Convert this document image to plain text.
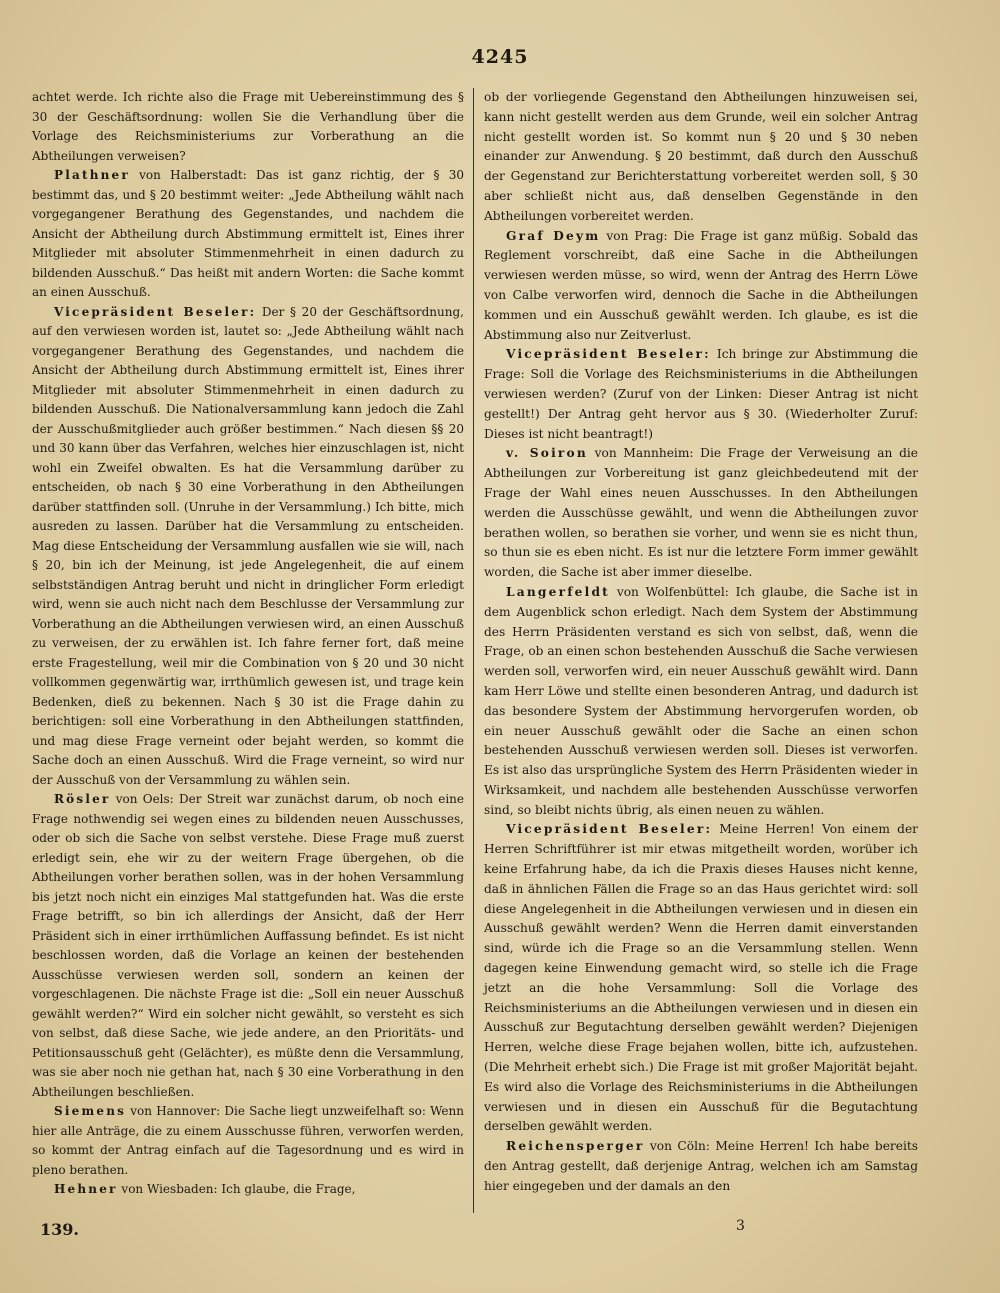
4245

achtet werde. Ich richte also die Frage mit Uebereinstimmung des § 30 der Geschäftsordnung: wollen Sie die Verhandlung über die Vorlage des Reichsministeriums zur Vorberathung an die Abtheilungen verweisen?

Plathner von Halberstadt: Das ist ganz richtig, der § 30 bestimmt das, und § 20 bestimmt weiter: „Jede Abtheilung wählt nach vorgegangener Berathung des Gegenstandes, und nachdem die Ansicht der Abtheilung durch Abstimmung ermittelt ist, Eines ihrer Mitglieder mit absoluter Stimmenmehrheit in einen dadurch zu bildenden Ausschuß.“ Das heißt mit andern Worten: die Sache kommt an einen Ausschuß.

Vicepräsident Beseler: Der § 20 der Geschäftsordnung, auf den verwiesen worden ist, lautet so: „Jede Abtheilung wählt nach vorgegangener Berathung des Gegenstandes, und nachdem die Ansicht der Abtheilung durch Abstimmung ermittelt ist, Eines ihrer Mitglieder mit absoluter Stimmenmehrheit in einen dadurch zu bildenden Ausschuß. Die Nationalversammlung kann jedoch die Zahl der Ausschußmitglieder auch größer bestimmen.“ Nach diesen §§ 20 und 30 kann über das Verfahren, welches hier einzuschlagen ist, nicht wohl ein Zweifel obwalten. Es hat die Versammlung darüber zu entscheiden, ob nach § 30 eine Vorberathung in den Abtheilungen darüber stattfinden soll. (Unruhe in der Versammlung.) Ich bitte, mich ausreden zu lassen. Darüber hat die Versammlung zu entscheiden. Mag diese Entscheidung der Versammlung ausfallen wie sie will, nach § 20, bin ich der Meinung, ist jede Angelegenheit, die auf einem selbstständigen Antrag beruht und nicht in dringlicher Form erledigt wird, wenn sie auch nicht nach dem Beschlusse der Versammlung zur Vorberathung an die Abtheilungen verwiesen wird, an einen Ausschuß zu verweisen, der zu erwählen ist. Ich fahre ferner fort, daß meine erste Fragestellung, weil mir die Combination von § 20 und 30 nicht vollkommen gegenwärtig war, irrthümlich gewesen ist, und trage kein Bedenken, dieß zu bekennen. Nach § 30 ist die Frage dahin zu berichtigen: soll eine Vorberathung in den Abtheilungen stattfinden, und mag diese Frage verneint oder bejaht werden, so kommt die Sache doch an einen Ausschuß. Wird die Frage verneint, so wird nur der Ausschuß von der Versammlung zu wählen sein.

Rösler von Oels: Der Streit war zunächst darum, ob noch eine Frage nothwendig sei wegen eines zu bildenden neuen Ausschusses, oder ob sich die Sache von selbst verstehe. Diese Frage muß zuerst erledigt sein, ehe wir zu der weitern Frage übergehen, ob die Abtheilungen vorher berathen sollen, was in der hohen Versammlung bis jetzt noch nicht ein einziges Mal stattgefunden hat. Was die erste Frage betrifft, so bin ich allerdings der Ansicht, daß der Herr Präsident sich in einer irrthümlichen Auffassung befindet. Es ist nicht beschlossen worden, daß die Vorlage an keinen der bestehenden Ausschüsse verwiesen werden soll, sondern an keinen der vorgeschlagenen. Die nächste Frage ist die: „Soll ein neuer Ausschuß gewählt werden?“ Wird ein solcher nicht gewählt, so versteht es sich von selbst, daß diese Sache, wie jede andere, an den Prioritäts- und Petitionsausschuß geht (Gelächter), es müßte denn die Versammlung, was sie aber noch nie gethan hat, nach § 30 eine Vorberathung in den Abtheilungen beschließen.

Siemens von Hannover: Die Sache liegt unzweifelhaft so: Wenn hier alle Anträge, die zu einem Ausschusse führen, verworfen werden, so kommt der Antrag einfach auf die Tagesordnung und es wird in pleno berathen.

Hehner von Wiesbaden: Ich glaube, die Frage,

ob der vorliegende Gegenstand den Abtheilungen hinzuweisen sei, kann nicht gestellt werden aus dem Grunde, weil ein solcher Antrag nicht gestellt worden ist. So kommt nun § 20 und § 30 neben einander zur Anwendung. § 20 bestimmt, daß durch den Ausschuß der Gegenstand zur Berichterstattung vorbereitet werden soll, § 30 aber schließt nicht aus, daß denselben Gegenstände in den Abtheilungen vorbereitet werden.

Graf Deym von Prag: Die Frage ist ganz müßig. Sobald das Reglement vorschreibt, daß eine Sache in die Abtheilungen verwiesen werden müsse, so wird, wenn der Antrag des Herrn Löwe von Calbe verworfen wird, dennoch die Sache in die Abtheilungen kommen und ein Ausschuß gewählt werden. Ich glaube, es ist die Abstimmung also nur Zeitverlust.

Vicepräsident Beseler: Ich bringe zur Abstimmung die Frage: Soll die Vorlage des Reichsministeriums in die Abtheilungen verwiesen werden? (Zuruf von der Linken: Dieser Antrag ist nicht gestellt!) Der Antrag geht hervor aus § 30. (Wiederholter Zuruf: Dieses ist nicht beantragt!)

v. Soiron von Mannheim: Die Frage der Verweisung an die Abtheilungen zur Vorbereitung ist ganz gleichbedeutend mit der Frage der Wahl eines neuen Ausschusses. In den Abtheilungen werden die Ausschüsse gewählt, und wenn die Abtheilungen zuvor berathen wollen, so berathen sie vorher, und wenn sie es nicht thun, so thun sie es eben nicht. Es ist nur die letztere Form immer gewählt worden, die Sache ist aber immer dieselbe.

Langerfeldt von Wolfenbüttel: Ich glaube, die Sache ist in dem Augenblick schon erledigt. Nach dem System der Abstimmung des Herrn Präsidenten verstand es sich von selbst, daß, wenn die Frage, ob an einen schon bestehenden Ausschuß die Sache verwiesen werden soll, verworfen wird, ein neuer Ausschuß gewählt wird. Dann kam Herr Löwe und stellte einen besonderen Antrag, und dadurch ist das besondere System der Abstimmung hervorgerufen worden, ob ein neuer Ausschuß gewählt oder die Sache an einen schon bestehenden Ausschuß verwiesen werden soll. Dieses ist verworfen. Es ist also das ursprüngliche System des Herrn Präsidenten wieder in Wirksamkeit, und nachdem alle bestehenden Ausschüsse verworfen sind, so bleibt nichts übrig, als einen neuen zu wählen.

Vicepräsident Beseler: Meine Herren! Von einem der Herren Schriftführer ist mir etwas mitgetheilt worden, worüber ich keine Erfahrung habe, da ich die Praxis dieses Hauses nicht kenne, daß in ähnlichen Fällen die Frage so an das Haus gerichtet wird: soll diese Angelegenheit in die Abtheilungen verwiesen und in diesen ein Ausschuß gewählt werden? Wenn die Herren damit einverstanden sind, würde ich die Frage so an die Versammlung stellen. Wenn dagegen keine Einwendung gemacht wird, so stelle ich die Frage jetzt an die hohe Versammlung: Soll die Vorlage des Reichsministeriums an die Abtheilungen verwiesen und in diesen ein Ausschuß zur Begutachtung derselben gewählt werden? Diejenigen Herren, welche diese Frage bejahen wollen, bitte ich, aufzustehen. (Die Mehrheit erhebt sich.) Die Frage ist mit großer Majorität bejaht. Es wird also die Vorlage des Reichsministeriums in die Abtheilungen verwiesen und in diesen ein Ausschuß für die Begutachtung derselben gewählt werden.

Reichensperger von Cöln: Meine Herren! Ich habe bereits den Antrag gestellt, daß derjenige Antrag, welchen ich am Samstag hier eingegeben und der damals an den

139.	3
